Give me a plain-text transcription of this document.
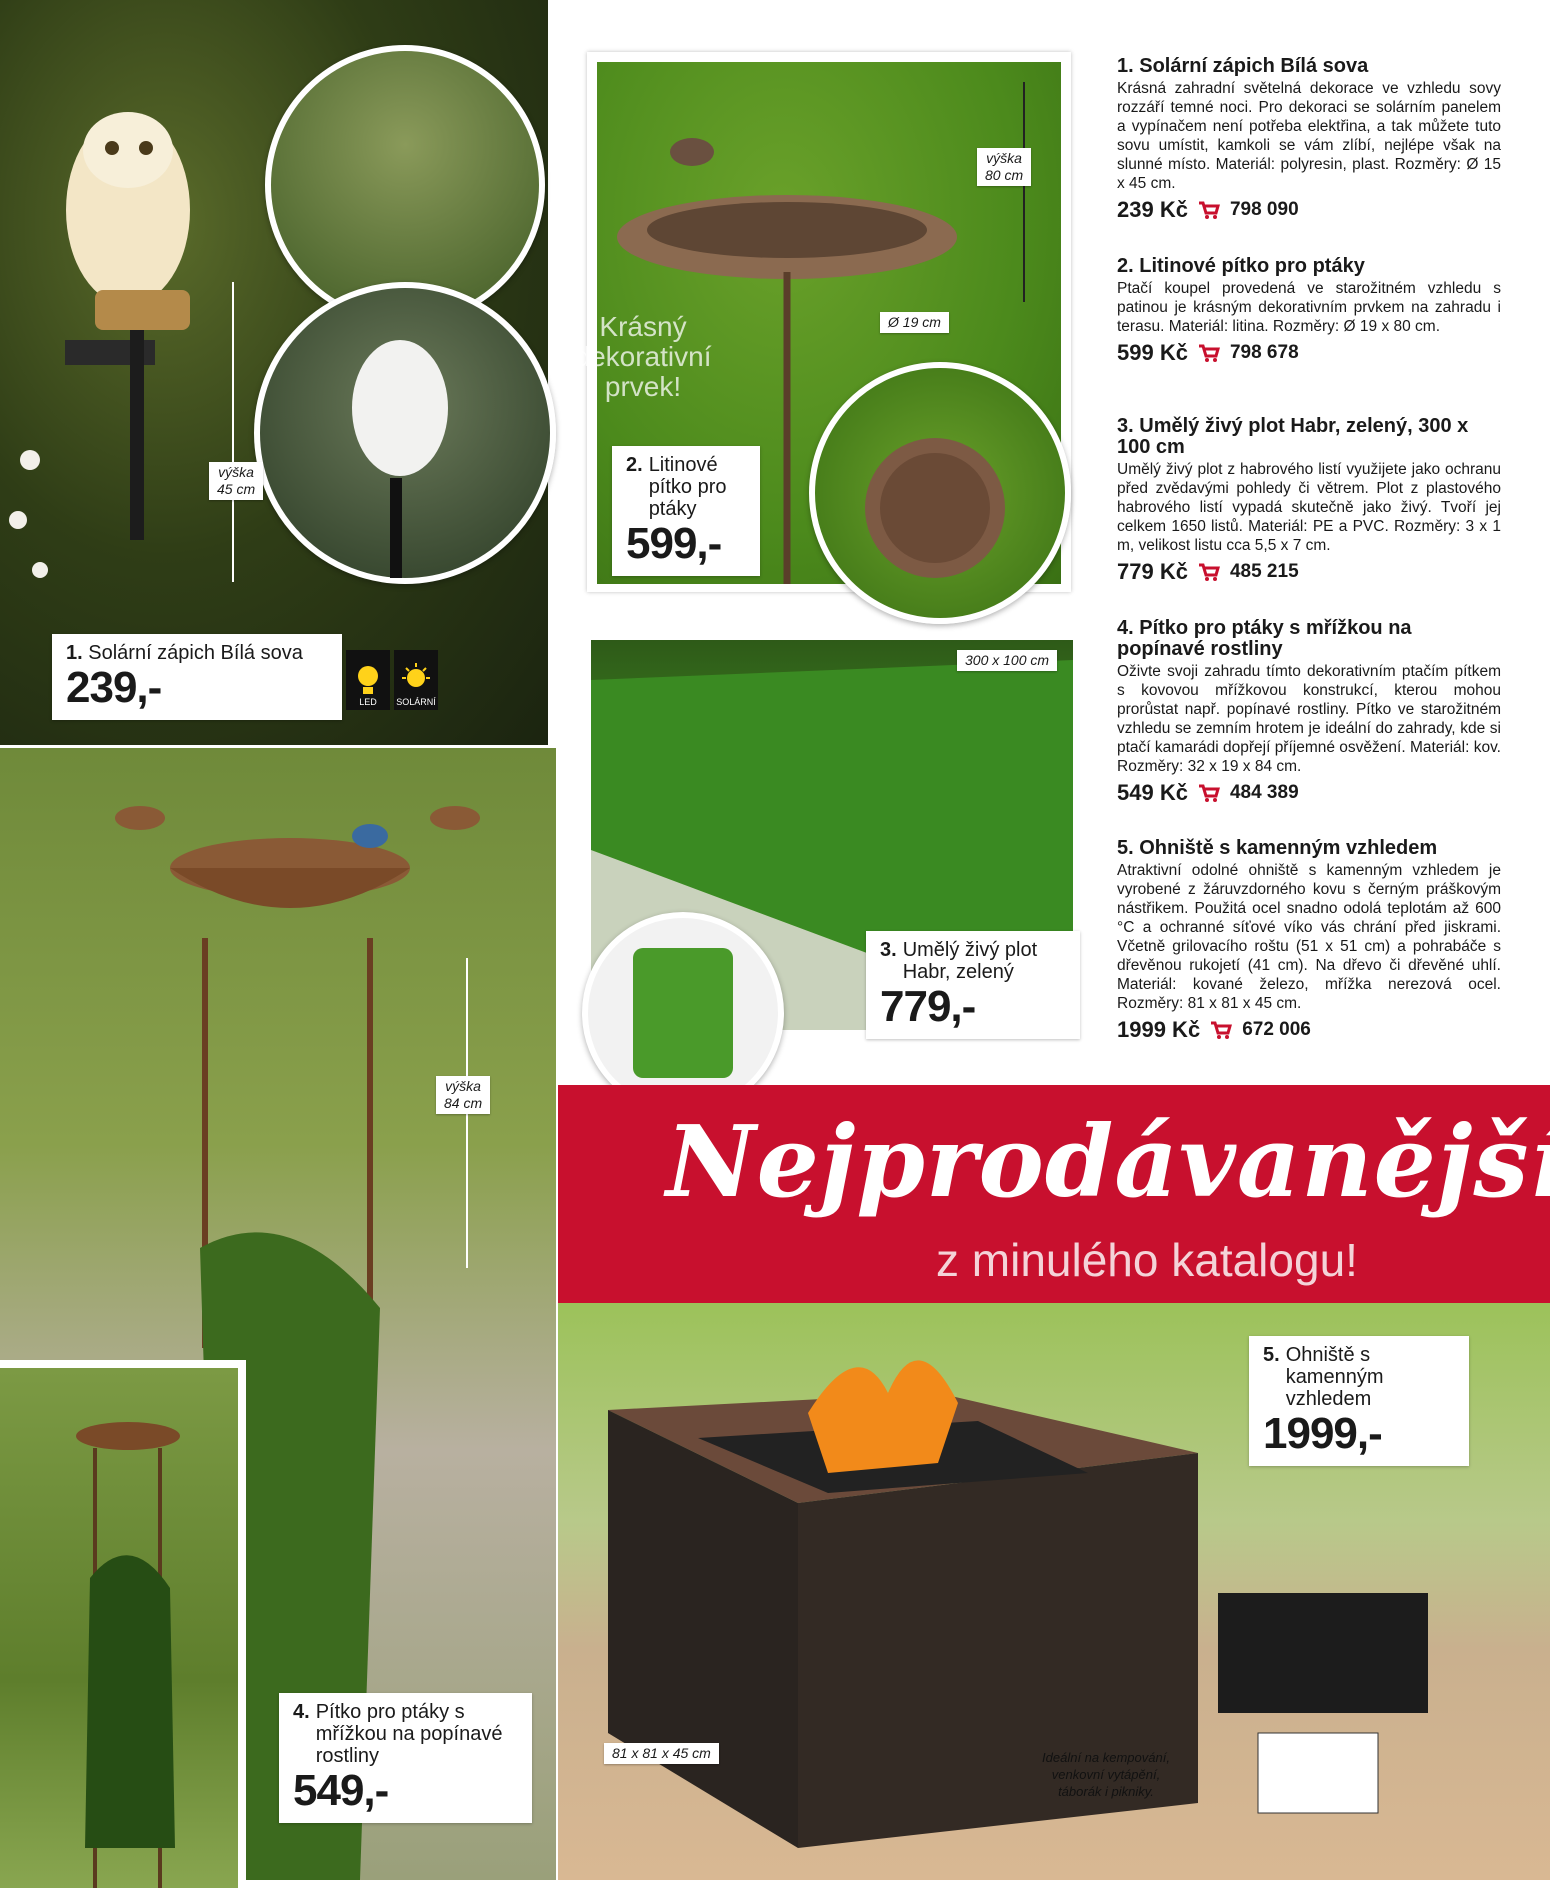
výška
45 cm
1. Solární zápich Bílá sova
239,-	LED SOLÁRNÍ
výška
84 cm
4. Pítko pro ptáky s mřížkou na popínavé rostliny
549,-
Krásný
dekorativní
prvek!
výška
80 cm
Ø 19 cm
2. Litinové pítko pro ptáky
599,-
300 x 100 cm
3. Umělý živý plot Habr, zelený
779,-
Nejprodávanější
z minulého katalogu!
81 x 81 x 45 cm	Ideální na kempování,
venkovní vytápění,
táborák i pikniky.
5. Ohniště s kamenným vzhledem
1999,-
1. Solární zápich Bílá sova
Krásná zahradní světelná dekorace ve vzhledu sovy rozzáří temné noci. Pro dekoraci se solárním panelem a vypínačem není potřeba elektřina, a tak můžete tuto sovu umístit, kamkoli se vám zlíbí, nejlépe však na slunné místo. Materiál: polyresin, plast. Rozměry: Ø 15 x 45 cm.
239 Kč 798 090
2. Litinové pítko pro ptáky
Ptačí koupel provedená ve starožitném vzhledu s patinou je krásným dekorativním prvkem na zahradu i terasu. Materiál: litina. Rozměry: Ø 19 x 80 cm.
599 Kč 798 678
3. Umělý živý plot Habr, zelený, 300 x 100 cm
Umělý živý plot z habrového listí využijete jako ochranu před zvědavými pohledy či větrem. Plot z plastového habrového listí vypadá skutečně jako živý. Tvoří jej celkem 1650 listů. Materiál: PE a PVC. Rozměry: 3 x 1 m, velikost listu cca 5,5 x 7 cm.
779 Kč 485 215
4. Pítko pro ptáky s mřížkou na popínavé rostliny
Oživte svoji zahradu tímto dekorativním ptačím pítkem s kovovou mřížkovou konstrukcí, kterou mohou prorůstat např. popínavé rostliny. Pítko ve starožitném vzhledu se zemním hrotem je ideální do zahrady, kde si ptačí kamarádi dopřejí příjemné osvěžení. Materiál: kov. Rozměry: 32 x 19 x 84 cm.
549 Kč 484 389
5. Ohniště s kamenným vzhledem
Atraktivní odolné ohniště s kamenným vzhledem je vyrobené z žáruvzdorného kovu s černým práškovým nástřikem. Použitá ocel snadno odolá teplotám až 600 °C a ochranné síťové víko vás chrání před jiskrami. Včetně grilovacího roštu (51 x 51 cm) a pohrabáče s dřevěnou rukojetí (41 cm). Na dřevo či dřevěné uhlí. Materiál: kované železo, mřížka nerezová ocel. Rozměry: 81 x 81 x 45 cm.
1999 Kč 672 006
